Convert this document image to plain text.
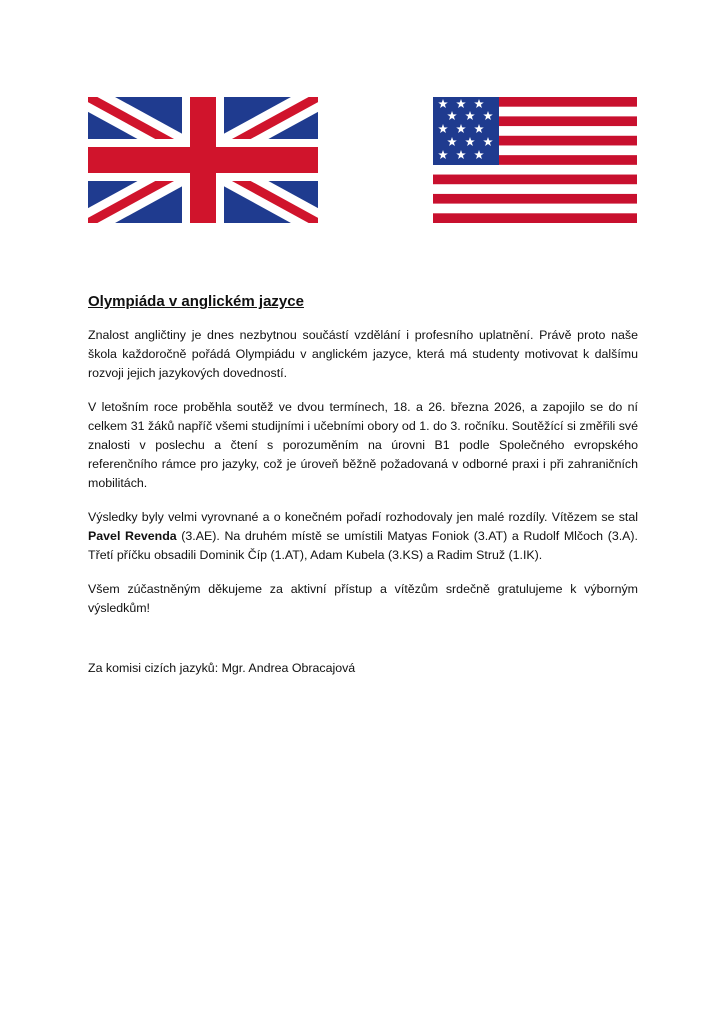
Olympiáda v anglickém jazyce

Znalost angličtiny je dnes nezbytnou součástí vzdělání i profesního uplatnění. Právě proto naše škola každoročně pořádá Olympiádu v anglickém jazyce, která má studenty motivovat k dalšímu rozvoji jejich jazykových dovedností.

V letošním roce proběhla soutěž ve dvou termínech, 18. a 26. března 2026, a zapojilo se do ní celkem 31 žáků napříč všemi studijními i učebními obory od 1. do 3. ročníku. Soutěžící si změřili své znalosti v poslechu a čtení s porozuměním na úrovni B1 podle Společného evropského referenčního rámce pro jazyky, což je úroveň běžně požadovaná v odborné praxi i při zahraničních mobilitách.

Výsledky byly velmi vyrovnané a o konečném pořadí rozhodovaly jen malé rozdíly. Vítězem se stal Pavel Revenda (3.AE). Na druhém místě se umístili Matyas Foniok (3.AT) a Rudolf Mlčoch (3.A). Třetí příčku obsadili Dominik Číp (1.AT), Adam Kubela (3.KS) a Radim Struž (1.IK).

Všem zúčastněným děkujeme za aktivní přístup a vítězům srdečně gratulujeme k výborným výsledkům!

Za komisi cizích jazyků: Mgr. Andrea Obracajová
